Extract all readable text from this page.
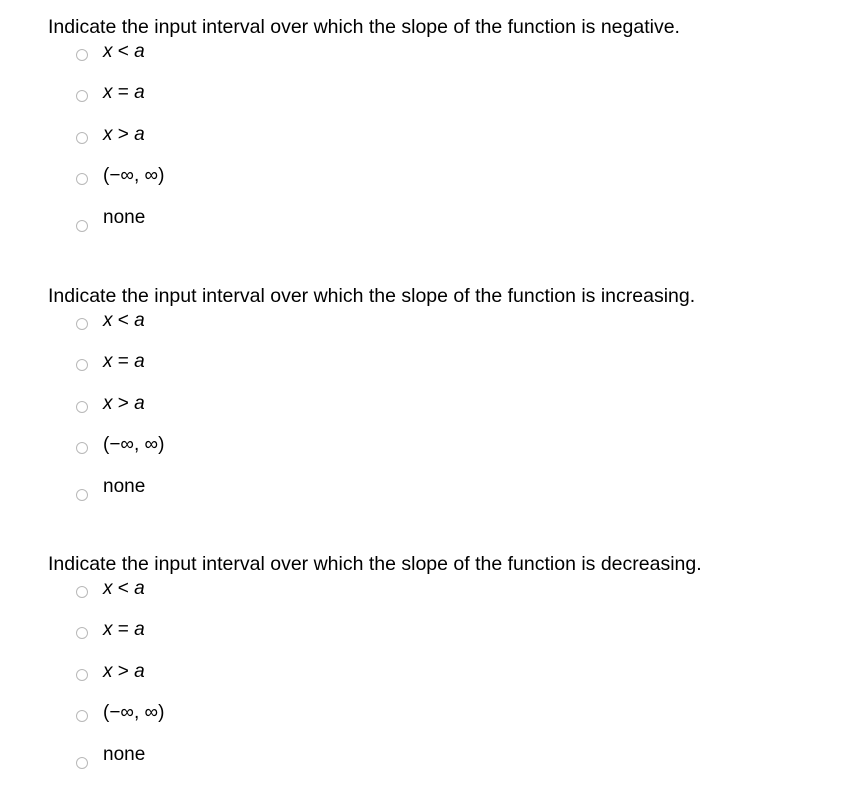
Indicate the input interval over which the slope of the function is negative.

x < a
x = a
x > a
(−∞, ∞)
none

Indicate the input interval over which the slope of the function is increasing.

x < a
x = a
x > a
(−∞, ∞)
none

Indicate the input interval over which the slope of the function is decreasing.

x < a
x = a
x > a
(−∞, ∞)
none
